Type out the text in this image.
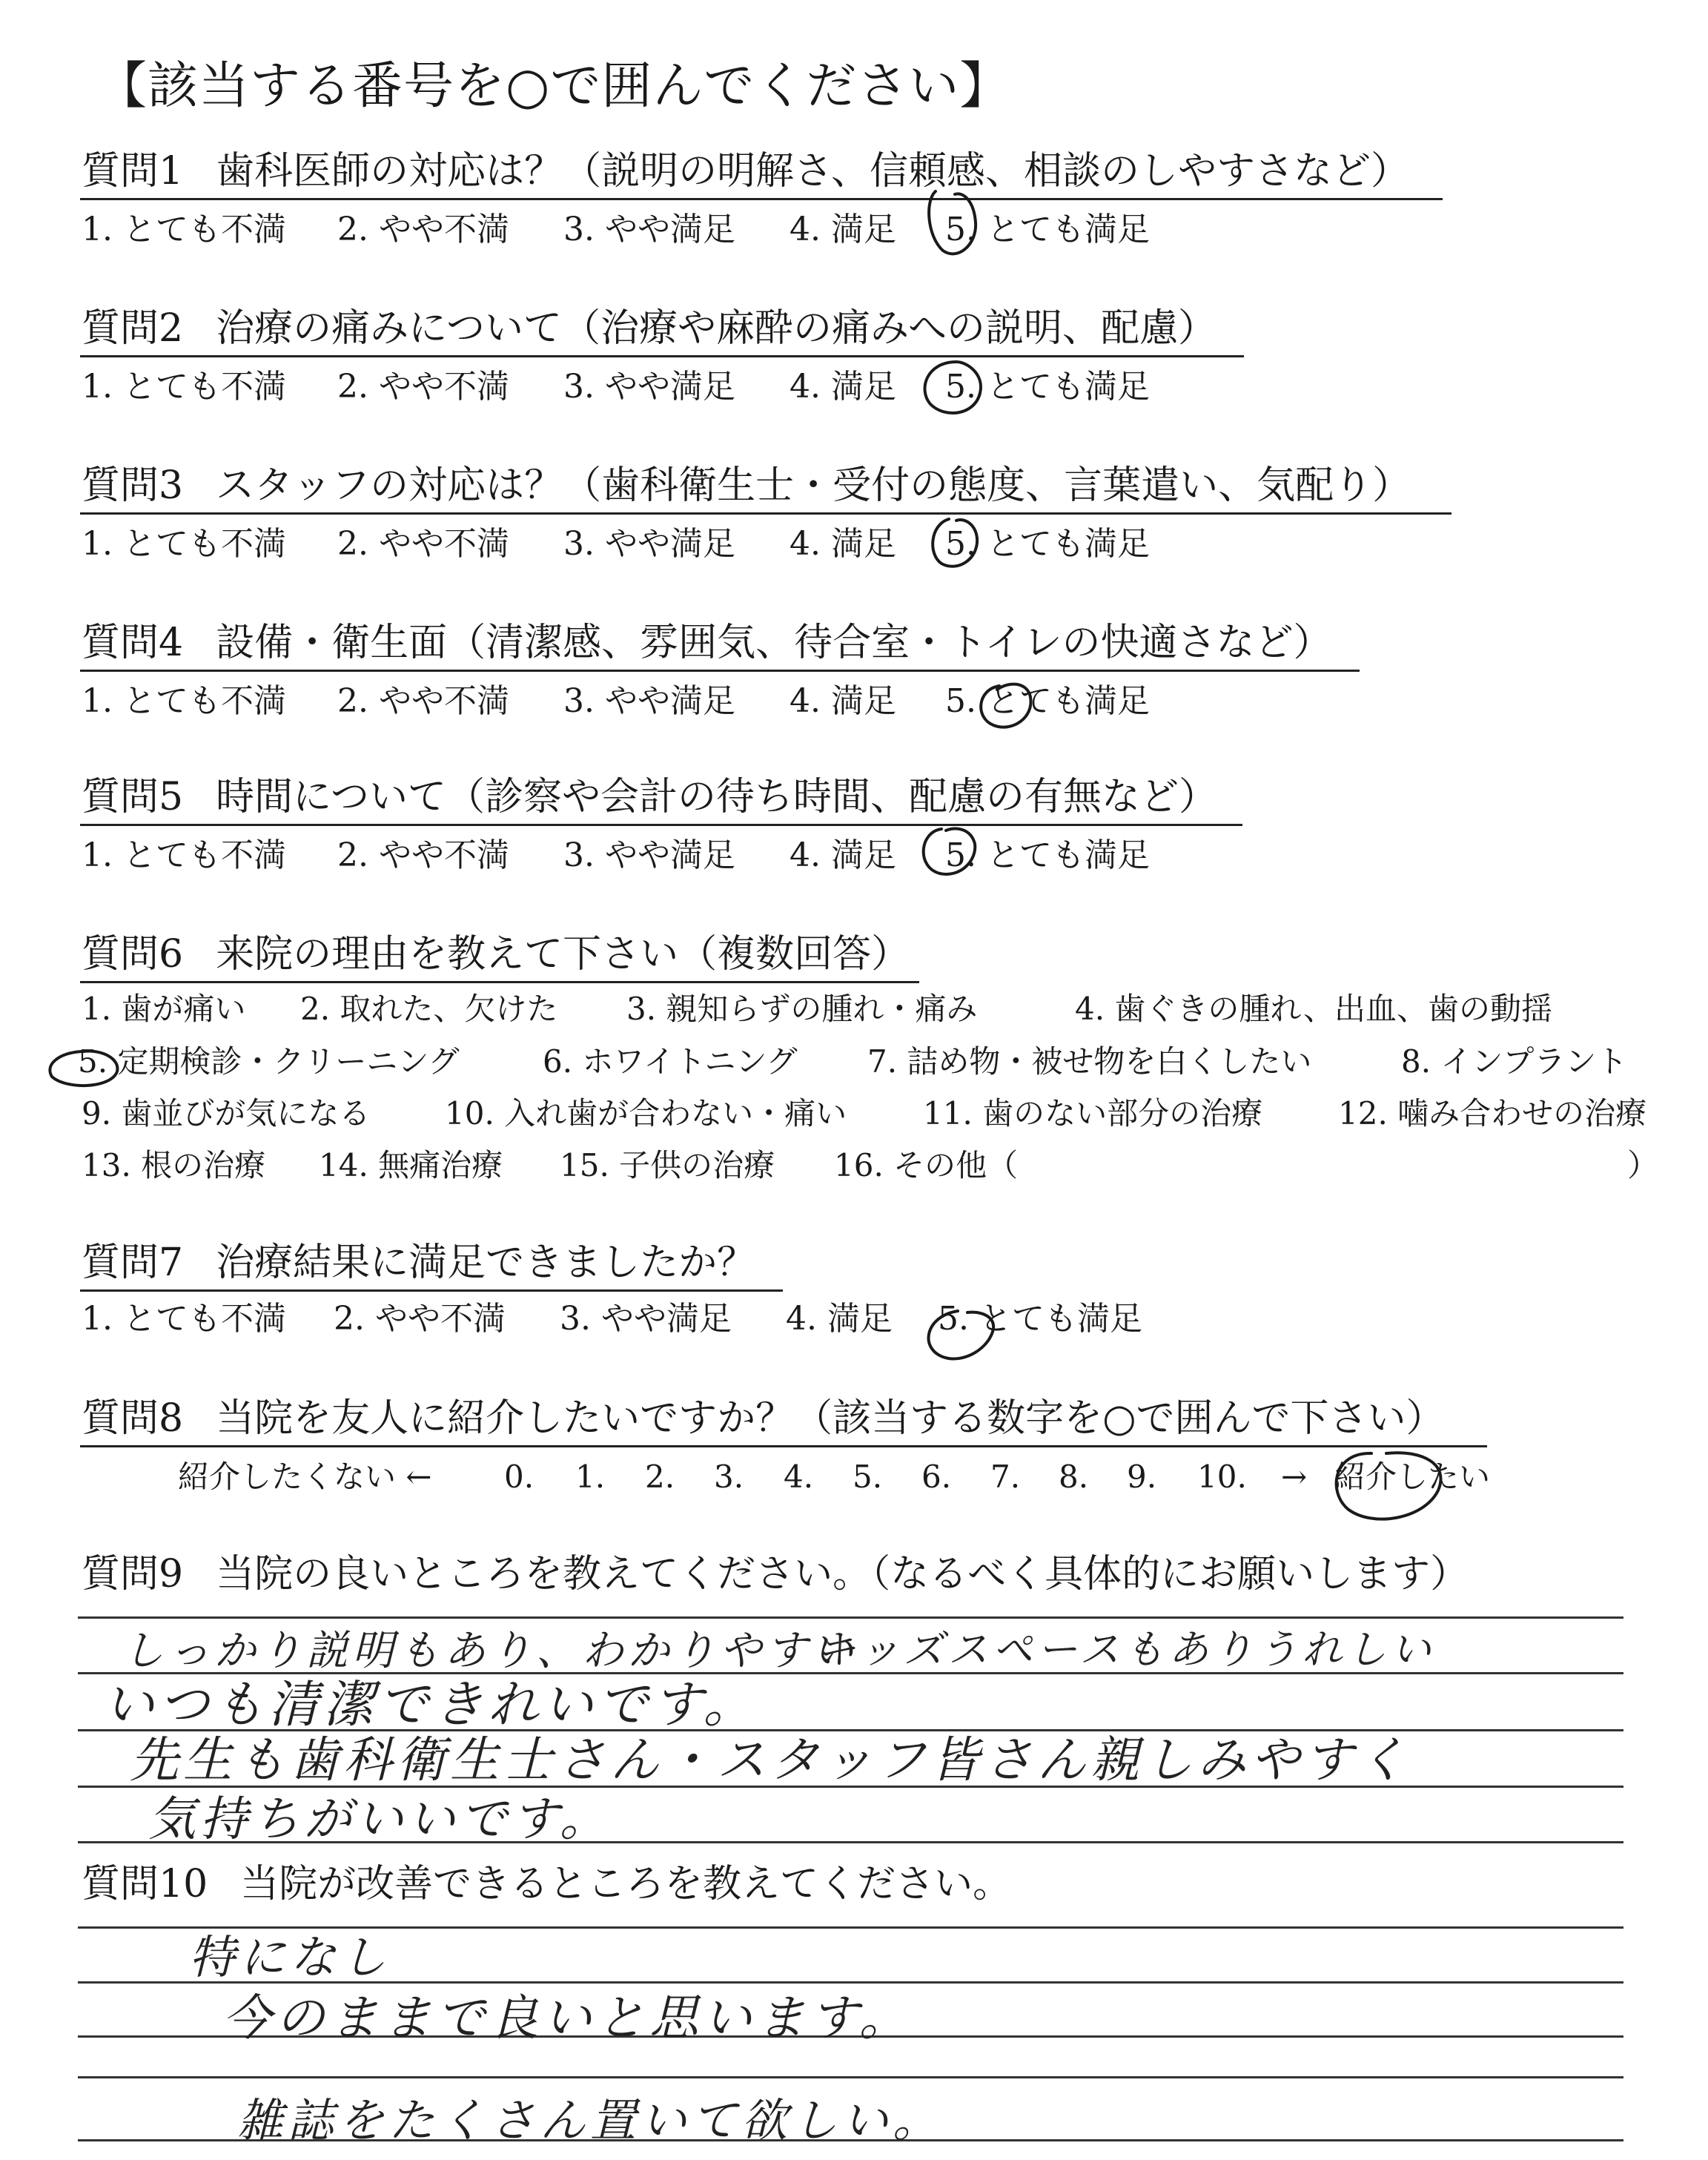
【該当する番号を○で囲んでください】
質問1 歯科医師の対応は？（説明の明解さ、信頼感、相談のしやすさなど）
1. とても不満 2. やや不満 3. やや満足 4. 満足 5. とても満足
質問2 治療の痛みについて（治療や麻酔の痛みへの説明、配慮）
1. とても不満 2. やや不満 3. やや満足 4. 満足 5. とても満足
質問3 スタッフの対応は？（歯科衛生士・受付の態度、言葉遣い、気配り）
1. とても不満 2. やや不満 3. やや満足 4. 満足 5. とても満足
質問4 設備・衛生面（清潔感、雰囲気、待合室・トイレの快適さなど）
1. とても不満 2. やや不満 3. やや満足 4. 満足 5. とても満足
質問5 時間について（診察や会計の待ち時間、配慮の有無など）
1. とても不満 2. やや不満 3. やや満足 4. 満足 5. とても満足
質問6 来院の理由を教えて下さい（複数回答）
1. 歯が痛い 2. 取れた、欠けた 3. 親知らずの腫れ・痛み	4. 歯ぐきの腫れ、出血、歯の動揺
5. 定期検診・クリーニング	6. ホワイトニング 7. 詰め物・被せ物を白くしたい	8. インプラント
9. 歯並びが気になる 10. 入れ歯が合わない・痛い 11. 歯のない部分の治療 12. 噛み合わせの治療
13. 根の治療 14. 無痛治療 15. 子供の治療 16. その他（	）
質問7 治療結果に満足できましたか？
1. とても不満 2. やや不満 3. やや満足 4. 満足 5. とても満足
質問8 当院を友人に紹介したいですか？（該当する数字を○で囲んで下さい）
紹介したくない ← 0. 1. 2. 3. 4. 5. 6. 7. 8. 9. 10. → 紹介したい
質問9 当院の良いところを教えてください。（なるべく具体的にお願いします）
しっかり説明もあり、わかりやすい
キッズスペースもありうれしい
いつも清潔できれいです。
先生も歯科衛生士さん・スタッフ皆さん親しみやすく
気持ちがいいです。
質問10 当院が改善できるところを教えてください。
特になし
今のままで良いと思います。
雑誌をたくさん置いて欲しい。
